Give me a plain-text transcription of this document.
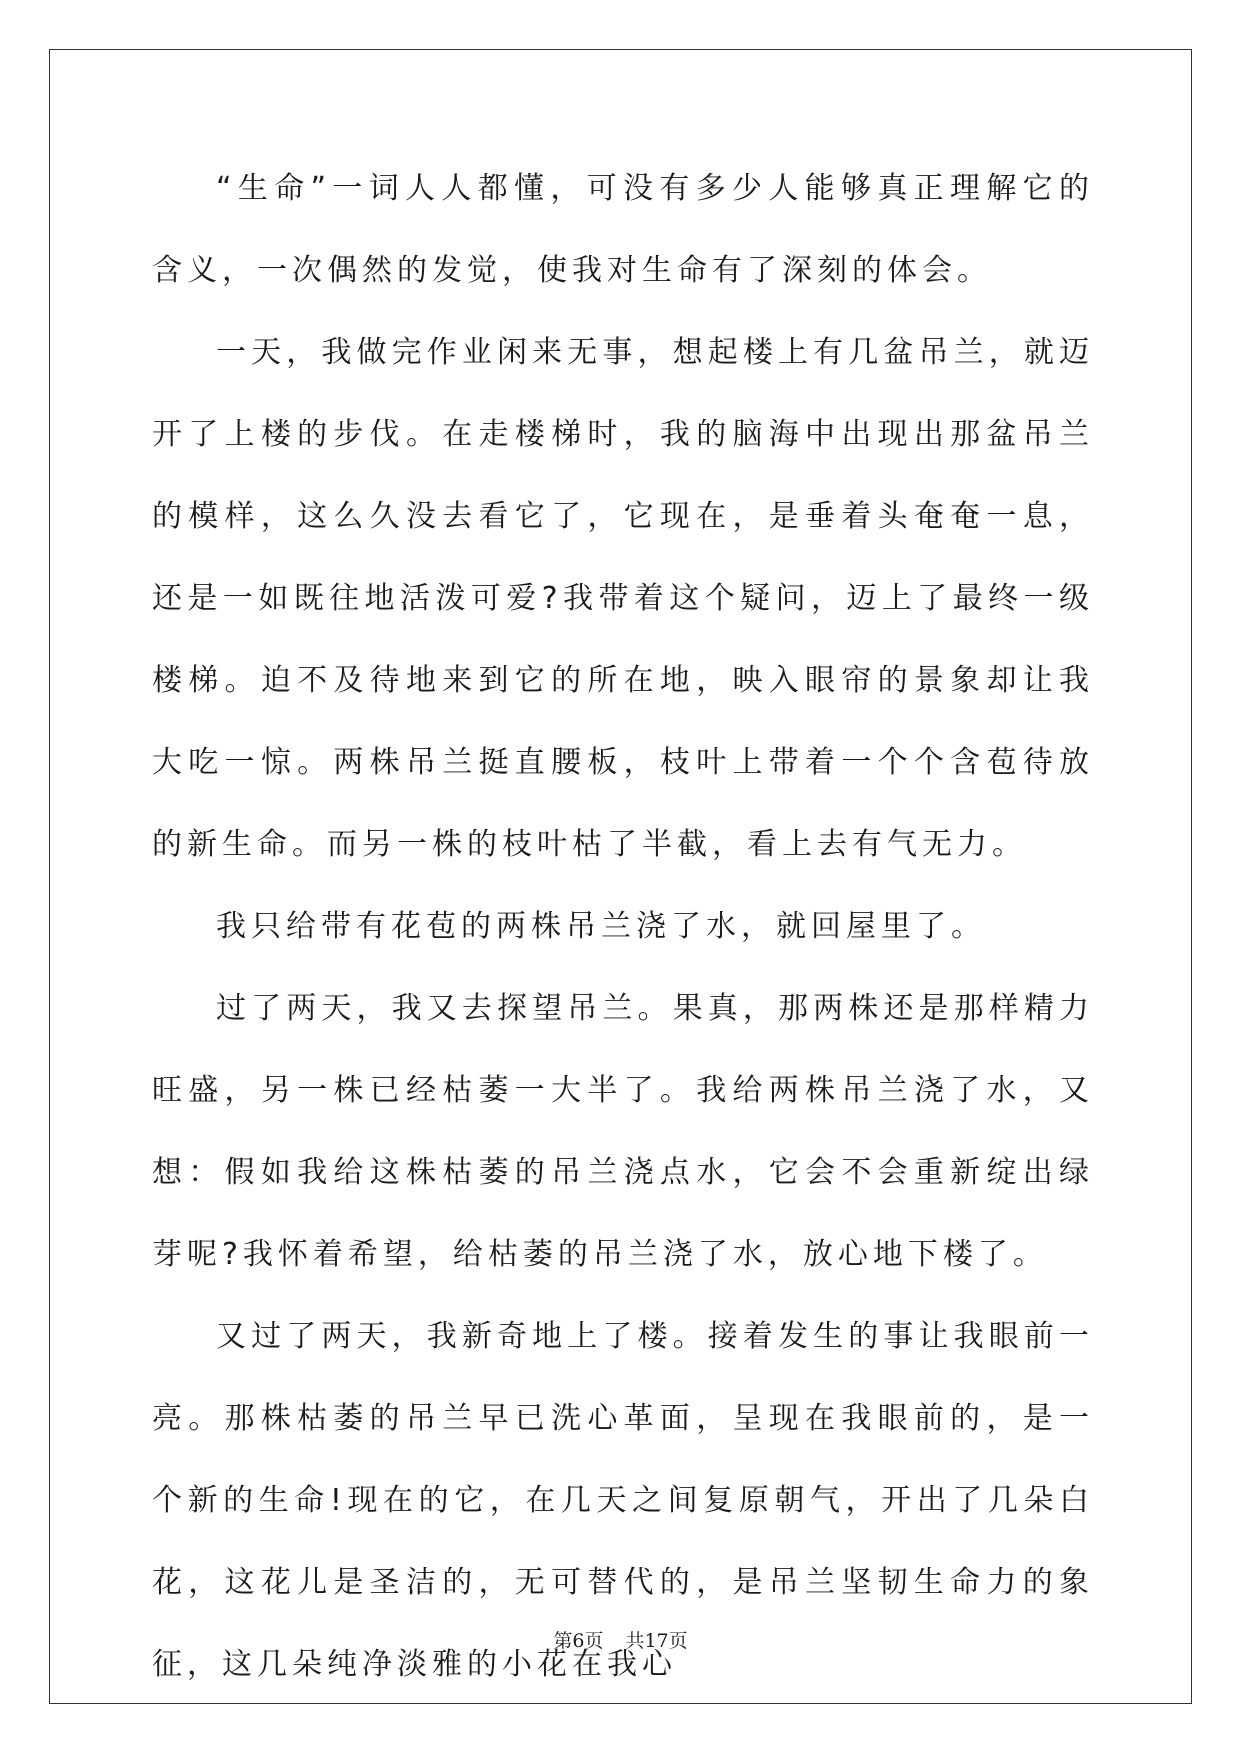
“生命”一词人人都懂，可没有多少人能够真正理解它的含义，一次偶然的发觉，使我对生命有了深刻的体会。

一天，我做完作业闲来无事，想起楼上有几盆吊兰，就迈开了上楼的步伐。在走楼梯时，我的脑海中出现出那盆吊兰的模样，这么久没去看它了，它现在，是垂着头奄奄一息，还是一如既往地活泼可爱?我带着这个疑问，迈上了最终一级楼梯。迫不及待地来到它的所在地，映入眼帘的景象却让我大吃一惊。两株吊兰挺直腰板，枝叶上带着一个个含苞待放的新生命。而另一株的枝叶枯了半截，看上去有气无力。

我只给带有花苞的两株吊兰浇了水，就回屋里了。

过了两天，我又去探望吊兰。果真，那两株还是那样精力旺盛，另一株已经枯萎一大半了。我给两株吊兰浇了水，又想：假如我给这株枯萎的吊兰浇点水，它会不会重新绽出绿芽呢?我怀着希望，给枯萎的吊兰浇了水，放心地下楼了。

又过了两天，我新奇地上了楼。接着发生的事让我眼前一亮。那株枯萎的吊兰早已洗心革面，呈现在我眼前的，是一个新的生命!现在的它，在几天之间复原朝气，开出了几朵白花，这花儿是圣洁的，无可替代的，是吊兰坚韧生命力的象征，这几朵纯净淡雅的小花在我心

第6页 共17页
